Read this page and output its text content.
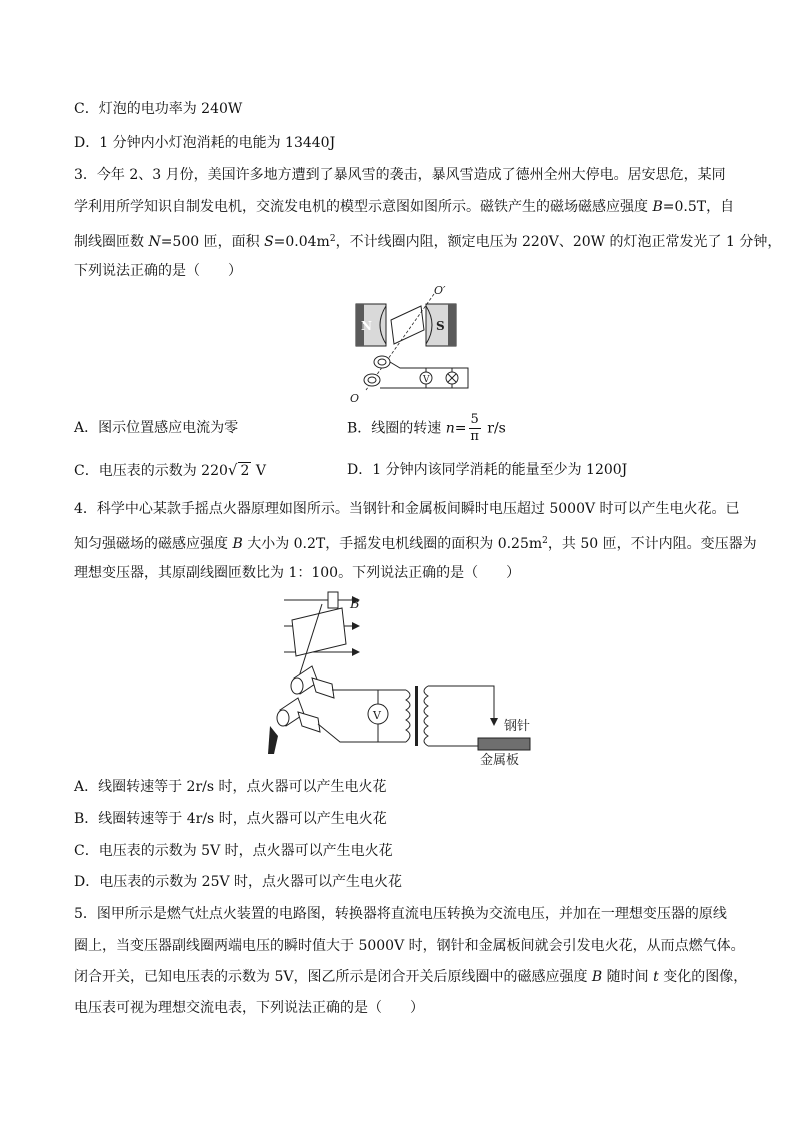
C．灯泡的电功率为 240W
D．1 分钟内小灯泡消耗的电能为 13440J
3．今年 2、3 月份，美国许多地方遭到了暴风雪的袭击，暴风雪造成了德州全州大停电。居安思危，某同
学利用所学知识自制发电机，交流发电机的模型示意图如图所示。磁铁产生的磁场磁感应强度 B=0.5T，自
制线圈匝数 N=500 匝，面积 $S=0.04m^2$，不计线圈内阻，额定电压为 220V、20W 的灯泡正常发光了 1 分钟，
下列说法正确的是（　　）
N	S
O′
O
V
A．图示位置感应电流为零	B．线圈的转速 $n= \frac{5}{\pi} r/s$
C．电压表的示数为 220√ 2 V	D．1 分钟内该同学消耗的能量至少为 1200J
4．科学中心某款手摇点火器原理如图所示。当钢针和金属板间瞬时电压超过 5000V 时可以产生电火花。已
知匀强磁场的磁感应强度 B 大小为 0.2T，手摇发电机线圈的面积为 $0.25m^2$，共 50 匝，不计内阻。变压器为
理想变压器，其原副线圈匝数比为 1：100。下列说法正确的是（　　）
B
V
钢针
金属板
A．线圈转速等于 2r/s 时，点火器可以产生电火花
B．线圈转速等于 4r/s 时，点火器可以产生电火花
C．电压表的示数为 5V 时，点火器可以产生电火花
D．电压表的示数为 25V 时，点火器可以产生电火花
5．图甲所示是燃气灶点火装置的电路图，转换器将直流电压转换为交流电压，并加在一理想变压器的原线
圈上，当变压器副线圈两端电压的瞬时值大于 5000V 时，钢针和金属板间就会引发电火花，从而点燃气体。
闭合开关，已知电压表的示数为 5V，图乙所示是闭合开关后原线圈中的磁感应强度 B 随时间 t 变化的图像，
电压表可视为理想交流电表，下列说法正确的是（　　）
